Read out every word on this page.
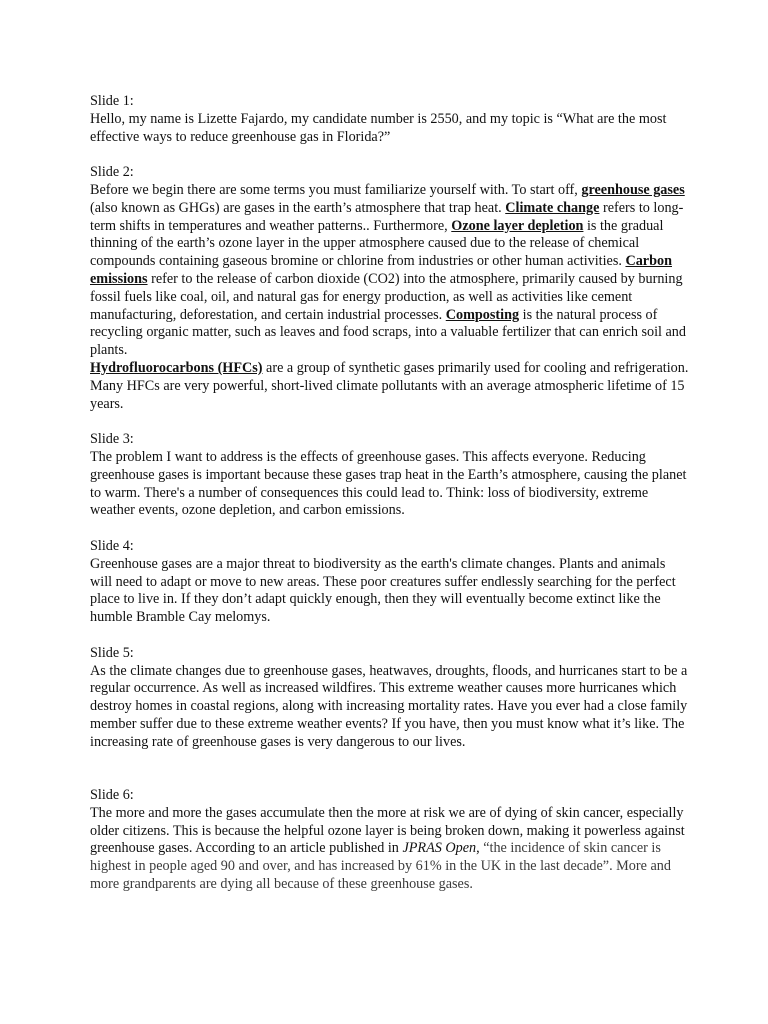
Slide 1:

Hello, my name is Lizette Fajardo, my candidate number is 2550, and my topic is “What are the most effective ways to reduce greenhouse gas in Florida?”

Slide 2:

Before we begin there are some terms you must familiarize yourself with. To start off, greenhouse gases (also known as GHGs) are gases in the earth’s atmosphere that trap heat. Climate change refers to long-term shifts in temperatures and weather patterns.. Furthermore, Ozone layer depletion is the gradual thinning of the earth’s ozone layer in the upper atmosphere caused due to the release of chemical compounds containing gaseous bromine or chlorine from industries or other human activities. Carbon emissions refer to the release of carbon dioxide (CO2) into the atmosphere, primarily caused by burning fossil fuels like coal, oil, and natural gas for energy production, as well as activities like cement manufacturing, deforestation, and certain industrial processes. Composting is the natural process of recycling organic matter, such as leaves and food scraps, into a valuable fertilizer that can enrich soil and plants.
Hydrofluorocarbons (HFCs) are a group of synthetic gases primarily used for cooling and refrigeration. Many HFCs are very powerful, short-lived climate pollutants with an average atmospheric lifetime of 15 years.

Slide 3:

The problem I want to address is the effects of greenhouse gases. This affects everyone. Reducing greenhouse gases is important because these gases trap heat in the Earth’s atmosphere, causing the planet to warm. There's a number of consequences this could lead to. Think: loss of biodiversity, extreme weather events, ozone depletion, and carbon emissions.

Slide 4:

Greenhouse gases are a major threat to biodiversity as the earth's climate changes. Plants and animals will need to adapt or move to new areas. These poor creatures suffer endlessly searching for the perfect place to live in. If they don’t adapt quickly enough, then they will eventually become extinct like the humble Bramble Cay melomys.

Slide 5:

As the climate changes due to greenhouse gases, heatwaves, droughts, floods, and hurricanes start to be a regular occurrence. As well as increased wildfires. This extreme weather causes more hurricanes which destroy homes in coastal regions, along with increasing mortality rates. Have you ever had a close family member suffer due to these extreme weather events? If you have, then you must know what it’s like. The increasing rate of greenhouse gases is very dangerous to our lives.

Slide 6:

The more and more the gases accumulate then the more at risk we are of dying of skin cancer, especially older citizens. This is because the helpful ozone layer is being broken down, making it powerless against greenhouse gases. According to an article published in JPRAS Open, “the incidence of skin cancer is highest in people aged 90 and over, and has increased by 61% in the UK in the last decade”. More and more grandparents are dying all because of these greenhouse gases.
